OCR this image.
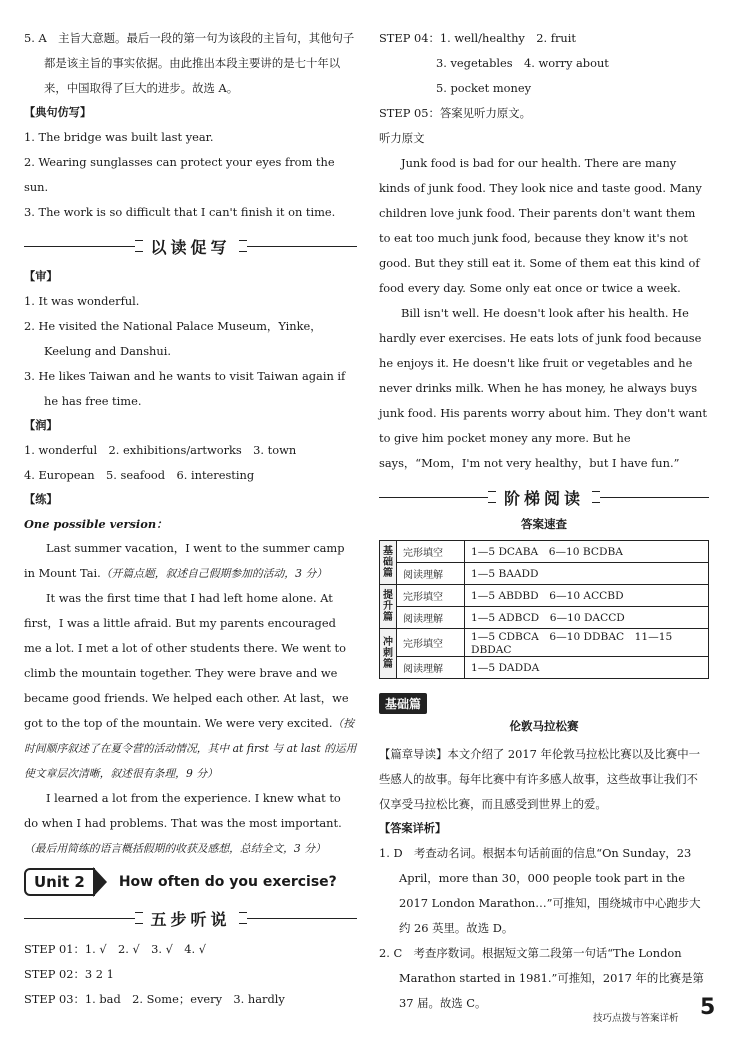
5. A　主旨大意题。最后一段的第一句为该段的主旨句，其他句子都是该主旨的事实依据。由此推出本段主要讲的是七十年以来，中国取得了巨大的进步。故选 A。

【典句仿写】

1. The bridge was built last year.

2. Wearing sunglasses can protect your eyes from the sun.

3. The work is so difficult that I can't finish it on time.

以读促写

【审】

1. It was wonderful.

2. He visited the National Palace Museum，Yinke，Keelung and Danshui.

3. He likes Taiwan and he wants to visit Taiwan again if he has free time.

【润】

1. wonderful　2. exhibitions/artworks　3. town

4. European　5. seafood　6. interesting

【练】

One possible version：

Last summer vacation，I went to the summer camp in Mount Tai.（开篇点题，叙述自己假期参加的活动，3 分）

It was the first time that I had left home alone. At first，I was a little afraid. But my parents encouraged me a lot. I met a lot of other students there. We went to climb the mountain together. They were brave and we became good friends. We helped each other. At last，we got to the top of the mountain. We were very excited.（按时间顺序叙述了在夏令营的活动情况，其中 at first 与 at last 的运用使文章层次清晰，叙述很有条理，9 分）

I learned a lot from the experience. I knew what to do when I had problems. That was the most important.（最后用简练的语言概括假期的收获及感想，总结全文，3 分）

Unit 2	How often do you exercise?
五步听说

STEP 01：1. √　2. √　3. √　4. √

STEP 02：3 2 1

STEP 03：1. bad　2. Some；every　3. hardly

STEP 04：1. well/healthy　2. fruit

3. vegetables　4. worry about

5. pocket money

STEP 05：答案见听力原文。

听力原文

Junk food is bad for our health. There are many kinds of junk food. They look nice and taste good. Many children love junk food. Their parents don't want them to eat too much junk food, because they know it's not good. But they still eat it. Some of them eat this kind of food every day. Some only eat once or twice a week.

Bill isn't well. He doesn't look after his health. He hardly ever exercises. He eats lots of junk food because he enjoys it. He doesn't like fruit or vegetables and he never drinks milk. When he has money, he always buys junk food. His parents worry about him. They don't want to give him pocket money any more. But he says，“Mom，I'm not very healthy，but I have fun.”

阶梯阅读

答案速查

基础篇	完形填空	1—5 DCABA　6—10 BCDBA
	阅读理解	1—5 BAADD
提升篇	完形填空	1—5 ABDBD　6—10 ACCBD
	阅读理解	1—5 ADBCD　6—10 DACCD
冲刺篇	完形填空	1—5 CDBCA　6—10 DDBAC　11—15 DBDAC
	阅读理解	1—5 DADDA
基础篇

伦敦马拉松赛

【篇章导读】本文介绍了 2017 年伦敦马拉松比赛以及比赛中一些感人的故事。每年比赛中有许多感人故事，这些故事让我们不仅享受马拉松比赛，而且感受到世界上的爱。

【答案详析】

1. D　考查动名词。根据本句话前面的信息“On Sunday，23 April，more than 30，000 people took part in the 2017 London Marathon…”可推知，围绕城市中心跑步大约 26 英里。故选 D。

2. C　考查序数词。根据短文第二段第一句话“The London Marathon started in 1981.”可推知，2017 年的比赛是第 37 届。故选 C。

技巧点拨与答案详析 5
